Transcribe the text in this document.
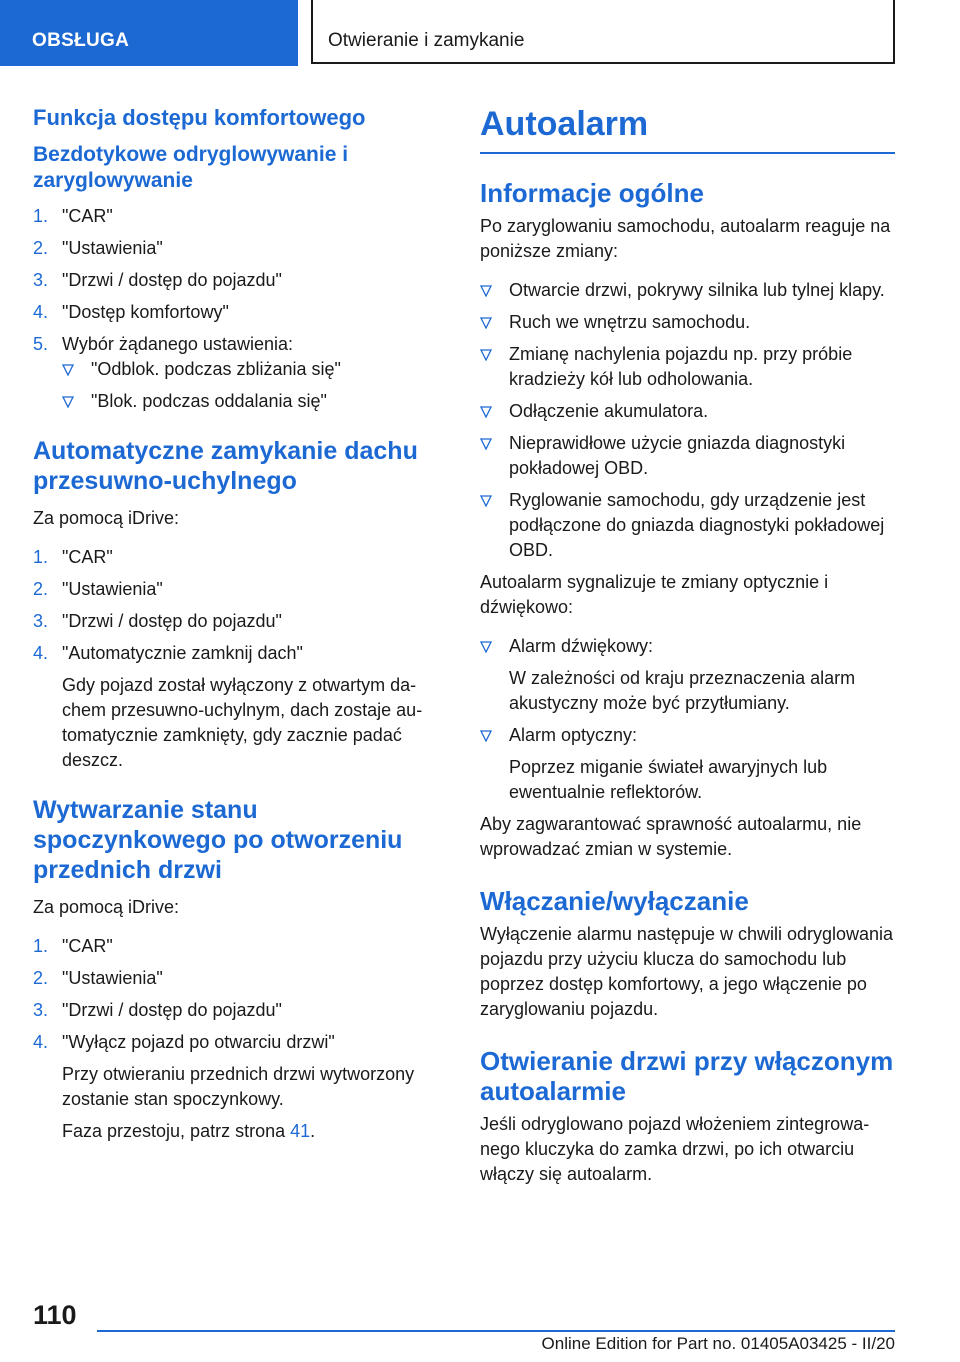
OBSŁUGA	Otwieranie i zamykanie
Funkcja dostępu komfortowego
Bezdotykowe odryglowywanie i zaryglowywanie
1. "CAR"
2. "Ustawienia"
3. "Drzwi / dostęp do pojazdu"
4. "Dostęp komfortowy"
5. Wybór żądanego ustawienia:
"Odblok. podczas zbliżania się"
"Blok. podczas oddalania się"
Automatyczne zamykanie dachu przesuwno-uchylnego

Za pomocą iDrive:

1. "CAR"
2. "Ustawienia"
3. "Drzwi / dostęp do pojazdu"
4. "Automatycznie zamknij dach"
Gdy pojazd został wyłączony z otwartym dachem przesuwno-uchylnym, dach zostaje automatycznie zamknięty, gdy zacznie padać deszcz.
Wytwarzanie stanu spoczynkowego po otworzeniu przednich drzwi

Za pomocą iDrive:

1. "CAR"
2. "Ustawienia"
3. "Drzwi / dostęp do pojazdu"
4. "Wyłącz pojazd po otwarciu drzwi"
Przy otwieraniu przednich drzwi wytworzony zostanie stan spoczynkowy.
Faza przestoju, patrz strona 41.
Autoalarm
Informacje ogólne

Po zaryglowaniu samochodu, autoalarm reaguje na poniższe zmiany:

Otwarcie drzwi, pokrywy silnika lub tylnej klapy.
Ruch we wnętrzu samochodu.
Zmianę nachylenia pojazdu np. przy próbie kradzieży kół lub odholowania.
Odłączenie akumulatora.
Nieprawidłowe użycie gniazda diagnostyki pokładowej OBD.
Ryglowanie samochodu, gdy urządzenie jest podłączone do gniazda diagnostyki pokładowej OBD.

Autoalarm sygnalizuje te zmiany optycznie i dźwiękowo:

Alarm dźwiękowy:
W zależności od kraju przeznaczenia alarm akustyczny może być przytłumiany.
Alarm optyczny:
Poprzez miganie świateł awaryjnych lub ewentualnie reflektorów.

Aby zagwarantować sprawność autoalarmu, nie wprowadzać zmian w systemie.

Włączanie/wyłączanie

Wyłączenie alarmu następuje w chwili odryglowania pojazdu przy użyciu klucza do samochodu lub poprzez dostęp komfortowy, a jego włączenie po zaryglowaniu pojazdu.

Otwieranie drzwi przy włączonym autoalarmie

Jeśli odryglowano pojazd włożeniem zintegrowanego kluczyka do zamka drzwi, po ich otwarciu włączy się autoalarm.

110
Online Edition for Part no. 01405A03425 - II/20
